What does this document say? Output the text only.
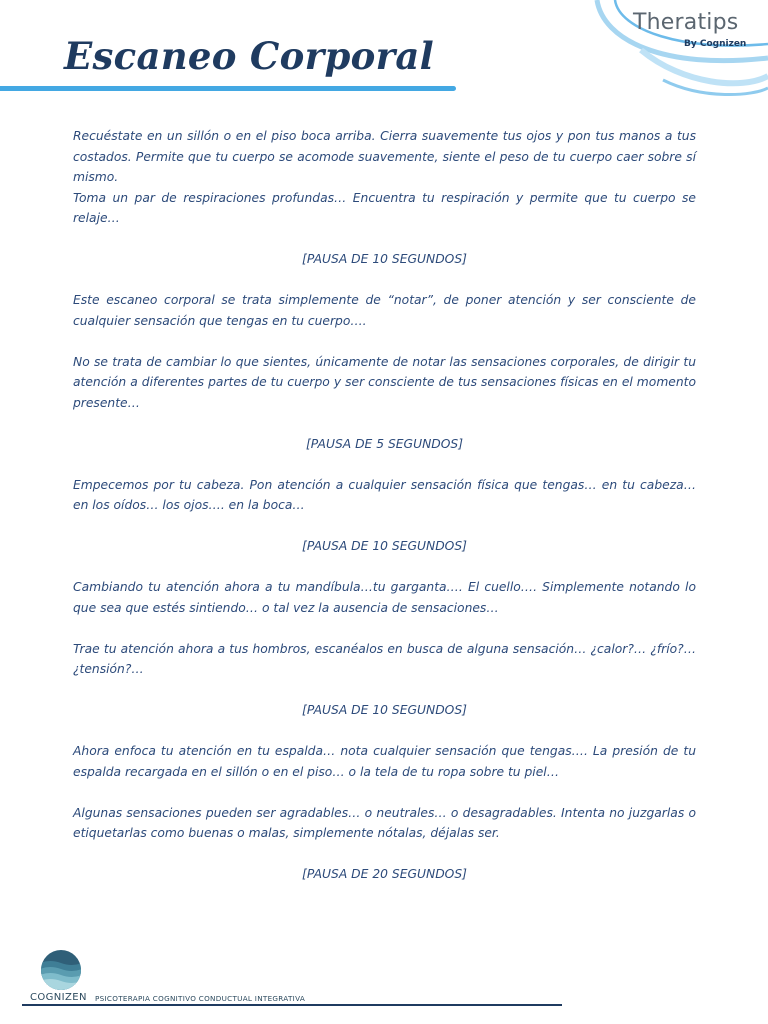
Escaneo Corporal
Theratips
By Cognizen

Recuéstate en un sillón o en el piso boca arriba. Cierra suavemente tus ojos y pon tus manos a tus costados. Permite que tu cuerpo se acomode suavemente, siente el peso de tu cuerpo caer sobre sí mismo.

Toma un par de respiraciones profundas… Encuentra tu respiración y permite que tu cuerpo se relaje…

[PAUSA DE 10 SEGUNDOS]

Este escaneo corporal se trata simplemente de “notar”, de poner atención y ser consciente de cualquier sensación que tengas en tu cuerpo….

No se trata de cambiar lo que sientes, únicamente de notar las sensaciones corporales, de dirigir tu atención a diferentes partes de tu cuerpo y ser consciente de tus sensaciones físicas en el momento presente…

[PAUSA DE 5 SEGUNDOS]

Empecemos por tu cabeza. Pon atención a cualquier sensación física que tengas… en tu cabeza… en los oídos… los ojos…. en la boca…

[PAUSA DE 10 SEGUNDOS]

Cambiando tu atención ahora a tu mandíbula…tu garganta…. El cuello…. Simplemente notando lo que sea que estés sintiendo… o tal vez la ausencia de sensaciones…

Trae tu atención ahora a tus hombros, escanéalos en busca de alguna sensación… ¿calor?… ¿frío?… ¿tensión?…

[PAUSA DE 10 SEGUNDOS]

Ahora enfoca tu atención en tu espalda… nota cualquier sensación que tengas…. La presión de tu espalda recargada en el sillón o en el piso… o la tela de tu ropa sobre tu piel…

Algunas sensaciones pueden ser agradables… o neutrales… o desagradables. Intenta no juzgarlas o etiquetarlas como buenas o malas, simplemente nótalas, déjalas ser.

[PAUSA DE 20 SEGUNDOS]

COGNIZEN PSICOTERAPIA COGNITIVO CONDUCTUAL INTEGRATIVA
